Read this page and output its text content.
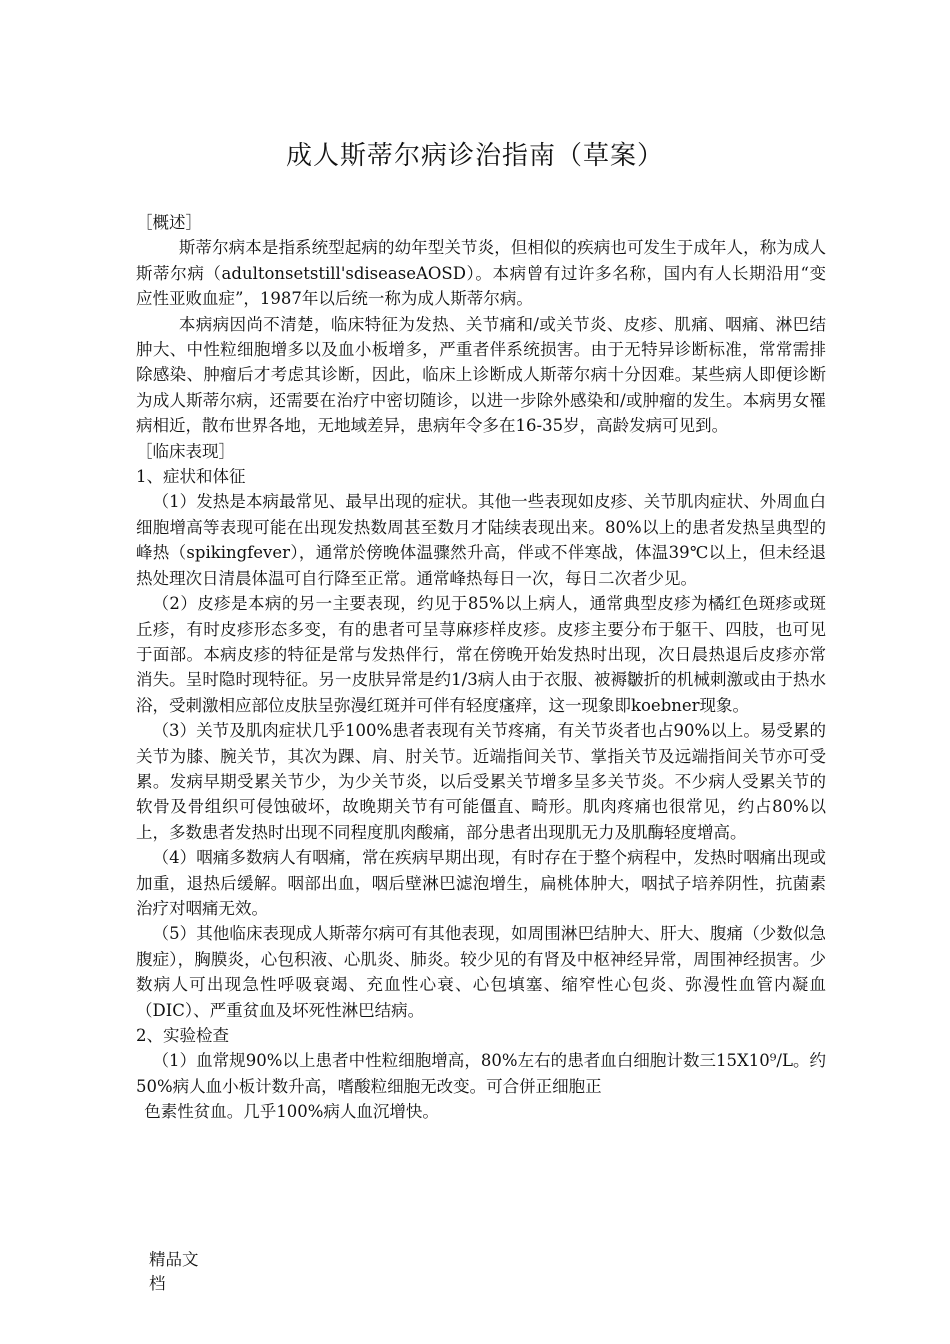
成人斯蒂尔病诊治指南（草案）

［概述］

斯蒂尔病本是指系统型起病的幼年型关节炎，但相似的疾病也可发生于成年人，称为成人斯蒂尔病（adultonsetstill'sdiseaseAOSD）。本病曾有过许多名称，国内有人长期沿用“变应性亚败血症”，1987年以后统一称为成人斯蒂尔病。

本病病因尚不清楚，临床特征为发热、关节痛和/或关节炎、皮疹、肌痛、咽痛、淋巴结肿大、中性粒细胞增多以及血小板增多，严重者伴系统损害。由于无特异诊断标准，常常需排除感染、肿瘤后才考虑其诊断，因此，临床上诊断成人斯蒂尔病十分因难。某些病人即便诊断为成人斯蒂尔病，还需要在治疗中密切随诊，以进一步除外感染和/或肿瘤的发生。本病男女罹病相近，散布世界各地，无地域差异，患病年令多在16-35岁，高龄发病可见到。

［临床表现］

1、症状和体征

（1）发热是本病最常见、最早出现的症状。其他一些表现如皮疹、关节肌肉症状、外周血白细胞增高等表现可能在出现发热数周甚至数月才陆续表现出来。80%以上的患者发热呈典型的峰热（spikingfever），通常於傍晚体温骤然升高，伴或不伴寒战，体温39℃以上，但未经退热处理次日清晨体温可自行降至正常。通常峰热每日一次，每日二次者少见。

（2）皮疹是本病的另一主要表现，约见于85%以上病人，通常典型皮疹为橘红色斑疹或斑丘疹，有时皮疹形态多变，有的患者可呈荨麻疹样皮疹。皮疹主要分布于躯干、四肢，也可见于面部。本病皮疹的特征是常与发热伴行，常在傍晚开始发热时出现，次日晨热退后皮疹亦常消失。呈时隐时现特征。另一皮肤异常是约1/3病人由于衣服、被褥皺折的机械刺激或由于热水浴，受刺激相应部位皮肤呈弥漫红斑并可伴有轻度瘙痒，这一现象即koebner现象。

（3）关节及肌肉症状几乎100%患者表现有关节疼痛，有关节炎者也占90%以上。易受累的关节为膝、腕关节，其次为踝、肩、肘关节。近端指间关节、掌指关节及远端指间关节亦可受累。发病早期受累关节少，为少关节炎，以后受累关节增多呈多关节炎。不少病人受累关节的软骨及骨组织可侵蚀破坏，故晚期关节有可能僵直、畸形。肌肉疼痛也很常见，约占80%以上，多数患者发热时出现不同程度肌肉酸痛，部分患者出现肌无力及肌酶轻度增高。

（4）咽痛多数病人有咽痛，常在疾病早期出现，有时存在于整个病程中，发热时咽痛出现或加重，退热后缓解。咽部出血，咽后壁淋巴滤泡增生，扁桃体肿大，咽拭子培养阴性，抗菌素治疗对咽痛无效。

（5）其他临床表现成人斯蒂尔病可有其他表现，如周围淋巴结肿大、肝大、腹痛（少数似急腹症），胸膜炎，心包积液、心肌炎、肺炎。较少见的有肾及中枢神经异常，周围神经损害。少数病人可出现急性呼吸衰竭、充血性心衰、心包填塞、缩窄性心包炎、弥漫性血管内凝血（DIC）、严重贫血及坏死性淋巴结病。

2、实验检查

（1）血常规90%以上患者中性粒细胞增高，80%左右的患者血白细胞计数三15X10⁹/L。约50%病人血小板计数升高，嗜酸粒细胞无改变。可合併正细胞正

色素性贫血。几乎100%病人血沉增快。

精品文档
